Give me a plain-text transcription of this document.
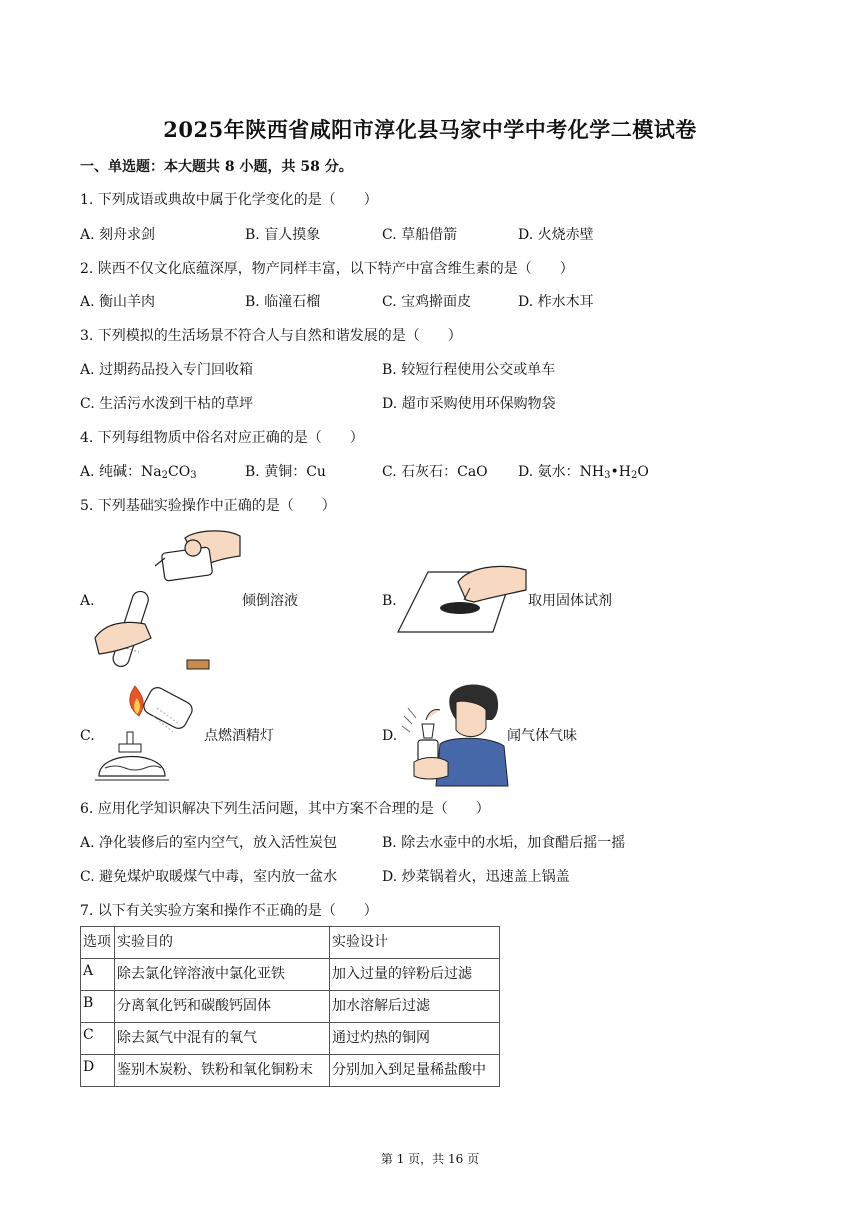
2025年陕西省咸阳市淳化县马家中学中考化学二模试卷
一、单选题：本大题共 8 小题，共 58 分。
1. 下列成语或典故中属于化学变化的是（　　）
A. 刻舟求剑	B. 盲人摸象	C. 草船借箭	D. 火烧赤壁
2. 陕西不仅文化底蕴深厚，物产同样丰富，以下特产中富含维生素的是（　　）
A. 衡山羊肉	B. 临潼石榴	C. 宝鸡擀面皮	D. 柞水木耳
3. 下列模拟的生活场景不符合人与自然和谐发展的是（　　）
A. 过期药品投入专门回收箱	B. 较短行程使用公交或单车
C. 生活污水泼到干枯的草坪	D. 超市采购使用环保购物袋
4. 下列每组物质中俗名对应正确的是（　　）
A. 纯碱：$Na_2CO_3$	B. 黄铜：Cu	C. 石灰石：CaO D. 氨水：$NH_3•H_2O$
5. 下列基础实验操作中正确的是（　　）
A.	倾倒溶液	B.	取用固体试剂
C.	点燃酒精灯	D.	闻气体气味
6. 应用化学知识解决下列生活问题，其中方案不合理的是（　　）
A. 净化装修后的室内空气，放入活性炭包	B. 除去水壶中的水垢，加食醋后摇一摇
C. 避免煤炉取暖煤气中毒，室内放一盆水	D. 炒菜锅着火，迅速盖上锅盖
7. 以下有关实验方案和操作不正确的是（　　）
选项	实验目的	实验设计
A	除去氯化锌溶液中氯化亚铁	加入过量的锌粉后过滤
B	分离氧化钙和碳酸钙固体	加水溶解后过滤
C	除去氮气中混有的氧气	通过灼热的铜网
D	鉴别木炭粉、铁粉和氧化铜粉末	分别加入到足量稀盐酸中
第 1 页，共 16 页
